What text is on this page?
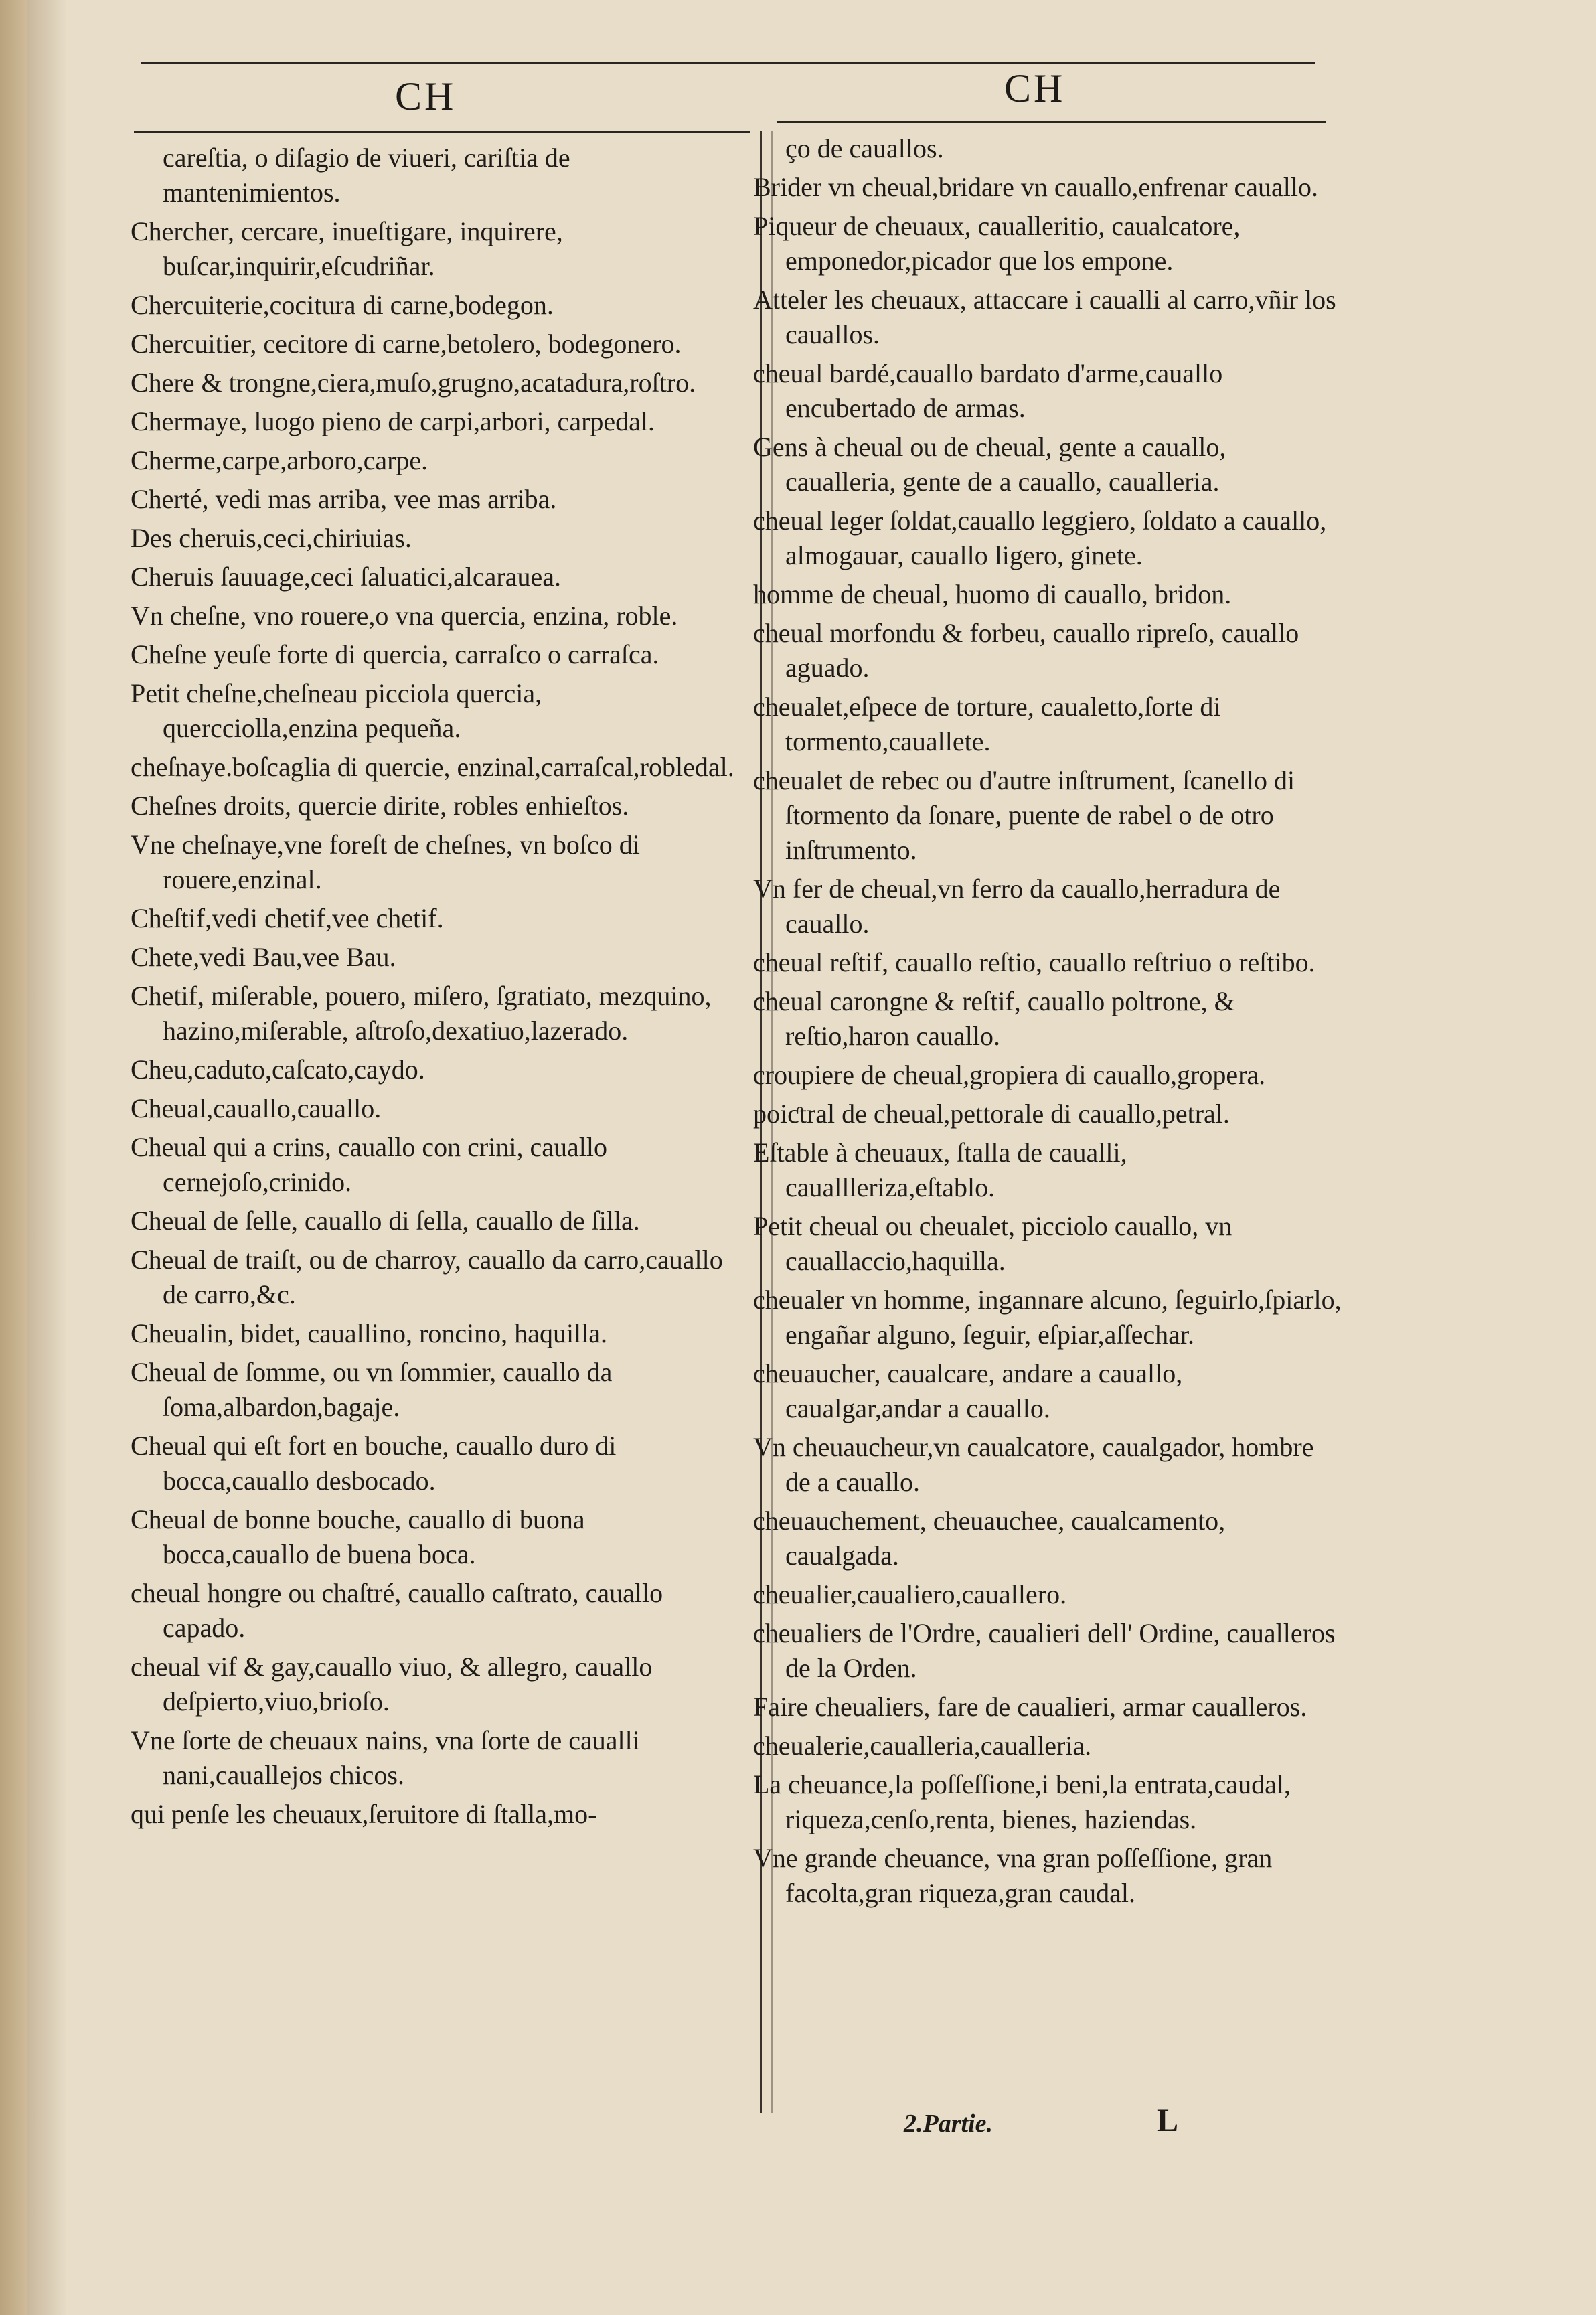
CH	CH
careſtia, o diſagio de viueri, cariſtia de mantenimientos.
Chercher, cercare, inueſtigare, inquirere, buſcar,inquirir,eſcudriñar.
Chercuiterie,cocitura di carne,bodegon.
Chercuitier, cecitore di carne,betolero, bodegonero.
Chere & trongne,ciera,muſo,grugno,acatadura,roſtro.
Chermaye, luogo pieno de carpi,arbori, carpedal.
Cherme,carpe,arboro,carpe.
Cherté, vedi mas arriba, vee mas arriba.
Des cheruis,ceci,chiriuias.
Cheruis ſauuage,ceci ſaluatici,alcarauea.
Vn cheſne, vno rouere,o vna quercia, enzina, roble.
Cheſne yeuſe forte di quercia, carraſco o carraſca.
Petit cheſne,cheſneau picciola quercia, quercciolla,enzina pequeña.
cheſnaye.boſcaglia di quercie, enzinal,carraſcal,robledal.
Cheſnes droits, quercie dirite, robles enhieſtos.
Vne cheſnaye,vne foreſt de cheſnes, vn boſco di rouere,enzinal.
Cheſtif,vedi chetif,vee chetif.
Chete,vedi Bau,vee Bau.
Chetif, miſerable, pouero, miſero, ſgratiato, mezquino, hazino,miſerable, aſtroſo,dexatiuo,lazerado.
Cheu,caduto,caſcato,caydo.
Cheual,cauallo,cauallo.
Cheual qui a crins, cauallo con crini, cauallo cernejoſo,crinido.
Cheual de ſelle, cauallo di ſella, cauallo de ſilla.
Cheual de traiſt, ou de charroy, cauallo da carro,cauallo de carro,&c.
Cheualin, bidet, cauallino, roncino, haquilla.
Cheual de ſomme, ou vn ſommier, cauallo da ſoma,albardon,bagaje.
Cheual qui eſt fort en bouche, cauallo duro di bocca,cauallo desbocado.
Cheual de bonne bouche, cauallo di buona bocca,cauallo de buena boca.
cheual hongre ou chaſtré, cauallo caſtrato, cauallo capado.
cheual vif & gay,cauallo viuo, & allegro, cauallo deſpierto,viuo,brioſo.
Vne ſorte de cheuaux nains, vna ſorte de caualli nani,cauallejos chicos.
qui penſe les cheuaux,ſeruitore di ſtalla,mo-
ço de cauallos.
Brider vn cheual,bridare vn cauallo,enfrenar cauallo.
Piqueur de cheuaux, caualleritio, caualcatore, emponedor,picador que los empone.
Atteler les cheuaux, attaccare i caualli al carro,vñir los cauallos.
cheual bardé,cauallo bardato d'arme,cauallo encubertado de armas.
Gens à cheual ou de cheual, gente a cauallo, caualleria, gente de a cauallo, caualleria.
cheual leger ſoldat,cauallo leggiero, ſoldato a cauallo, almogauar, cauallo ligero, ginete.
homme de cheual, huomo di cauallo, bridon.
cheual morfondu & forbeu, cauallo ripreſo, cauallo aguado.
cheualet,eſpece de torture, caualetto,ſorte di tormento,cauallete.
cheualet de rebec ou d'autre inſtrument, ſcanello di ſtormento da ſonare, puente de rabel o de otro inſtrumento.
Vn fer de cheual,vn ferro da cauallo,herradura de cauallo.
cheual reſtif, cauallo reſtio, cauallo reſtriuo o reſtibo.
cheual carongne & reſtif, cauallo poltrone, & reſtio,haron cauallo.
croupiere de cheual,gropiera di cauallo,gropera.
poiƈtral de cheual,pettorale di cauallo,petral.
Eſtable à cheuaux, ſtalla de caualli, cauallleriza,eſtablo.
Petit cheual ou cheualet, picciolo cauallo, vn cauallaccio,haquilla.
cheualer vn homme, ingannare alcuno, ſeguirlo,ſpiarlo, engañar alguno, ſeguir, eſpiar,aſſechar.
cheuaucher, caualcare, andare a cauallo, caualgar,andar a cauallo.
Vn cheuaucheur,vn caualcatore, caualgador, hombre de a cauallo.
cheuauchement, cheuauchee, caualcamento, caualgada.
cheualier,caualiero,cauallero.
cheualiers de l'Ordre, caualieri dell' Ordine, caualleros de la Orden.
Faire cheualiers, fare de caualieri, armar caualleros.
cheualerie,caualleria,caualleria.
La cheuance,la poſſeſſione,i beni,la entrata,caudal, riqueza,cenſo,renta, bienes, haziendas.
Vne grande cheuance, vna gran poſſeſſione, gran facolta,gran riqueza,gran caudal.
2.Partie.	L
